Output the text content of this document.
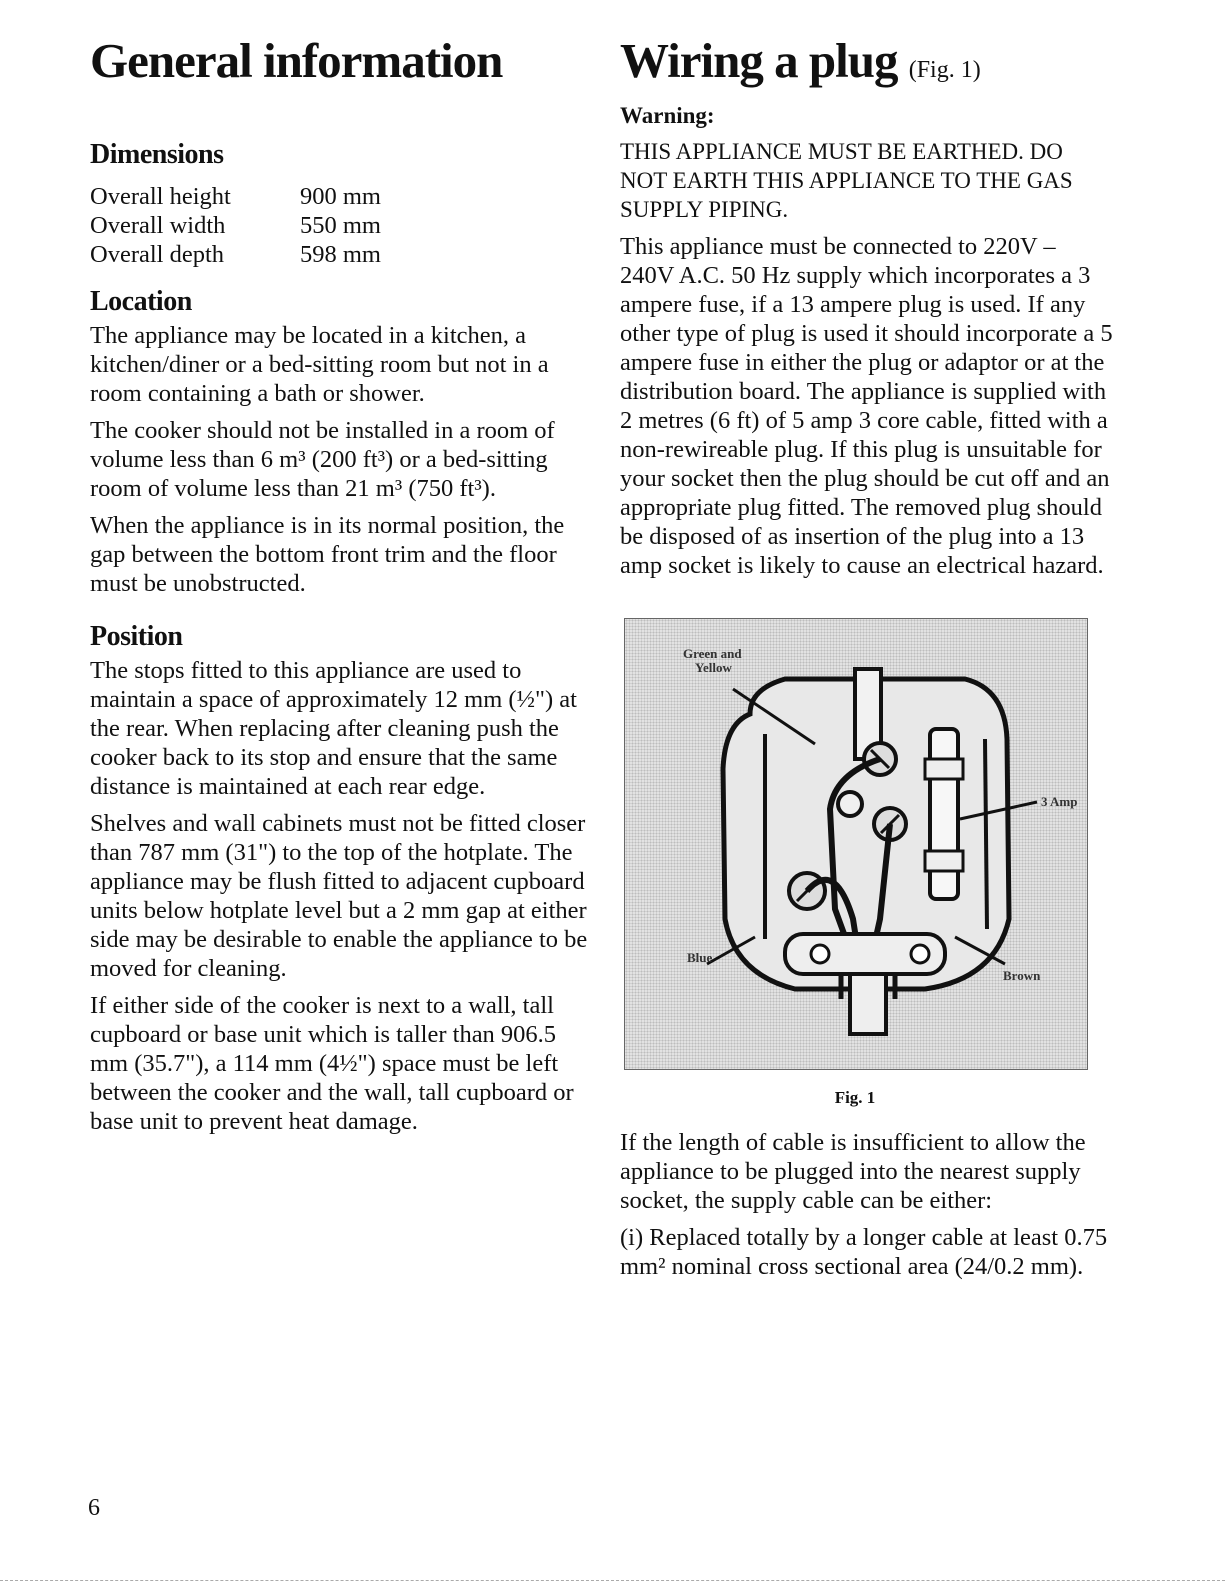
General information
Dimensions
Overall height	900 mm
Overall width	550 mm
Overall depth	598 mm
Location

The appliance may be located in a kitchen, a kitchen/diner or a bed-sitting room but not in a room containing a bath or shower.

The cooker should not be installed in a room of volume less than 6 m³ (200 ft³) or a bed-sitting room of volume less than 21 m³ (750 ft³).

When the appliance is in its normal position, the gap between the bottom front trim and the floor must be unobstructed.

Position

The stops fitted to this appliance are used to maintain a space of approximately 12 mm (½") at the rear. When replacing after cleaning push the cooker back to its stop and ensure that the same distance is maintained at each rear edge.

Shelves and wall cabinets must not be fitted closer than 787 mm (31") to the top of the hotplate. The appliance may be flush fitted to adjacent cupboard units below hotplate level but a 2 mm gap at either side may be desirable to enable the appliance to be moved for cleaning.

If either side of the cooker is next to a wall, tall cupboard or base unit which is taller than 906.5 mm (35.7"), a 114 mm (4½") space must be left between the cooker and the wall, tall cupboard or base unit to prevent heat damage.

Wiring a plug (Fig. 1)
Warning:

THIS APPLIANCE MUST BE EARTHED. DO NOT EARTH THIS APPLIANCE TO THE GAS SUPPLY PIPING.

This appliance must be connected to 220V – 240V A.C. 50 Hz supply which incorporates a 3 ampere fuse, if a 13 ampere plug is used. If any other type of plug is used it should incorporate a 5 ampere fuse in either the plug or adaptor or at the distribution board. The appliance is supplied with 2 metres (6 ft) of 5 amp 3 core cable, fitted with a non-rewireable plug. If this plug is unsuitable for your socket then the plug should be cut off and an appropriate plug fitted. The removed plug should be disposed of as insertion of the plug into a 13 amp socket is likely to cause an electrical hazard.

Green and
Yellow
3 Amp
Blue
Brown
Fig. 1

If the length of cable is insufficient to allow the appliance to be plugged into the nearest supply socket, the supply cable can be either:

(i) Replaced totally by a longer cable at least 0.75 mm² nominal cross sectional area (24/0.2 mm).

6
